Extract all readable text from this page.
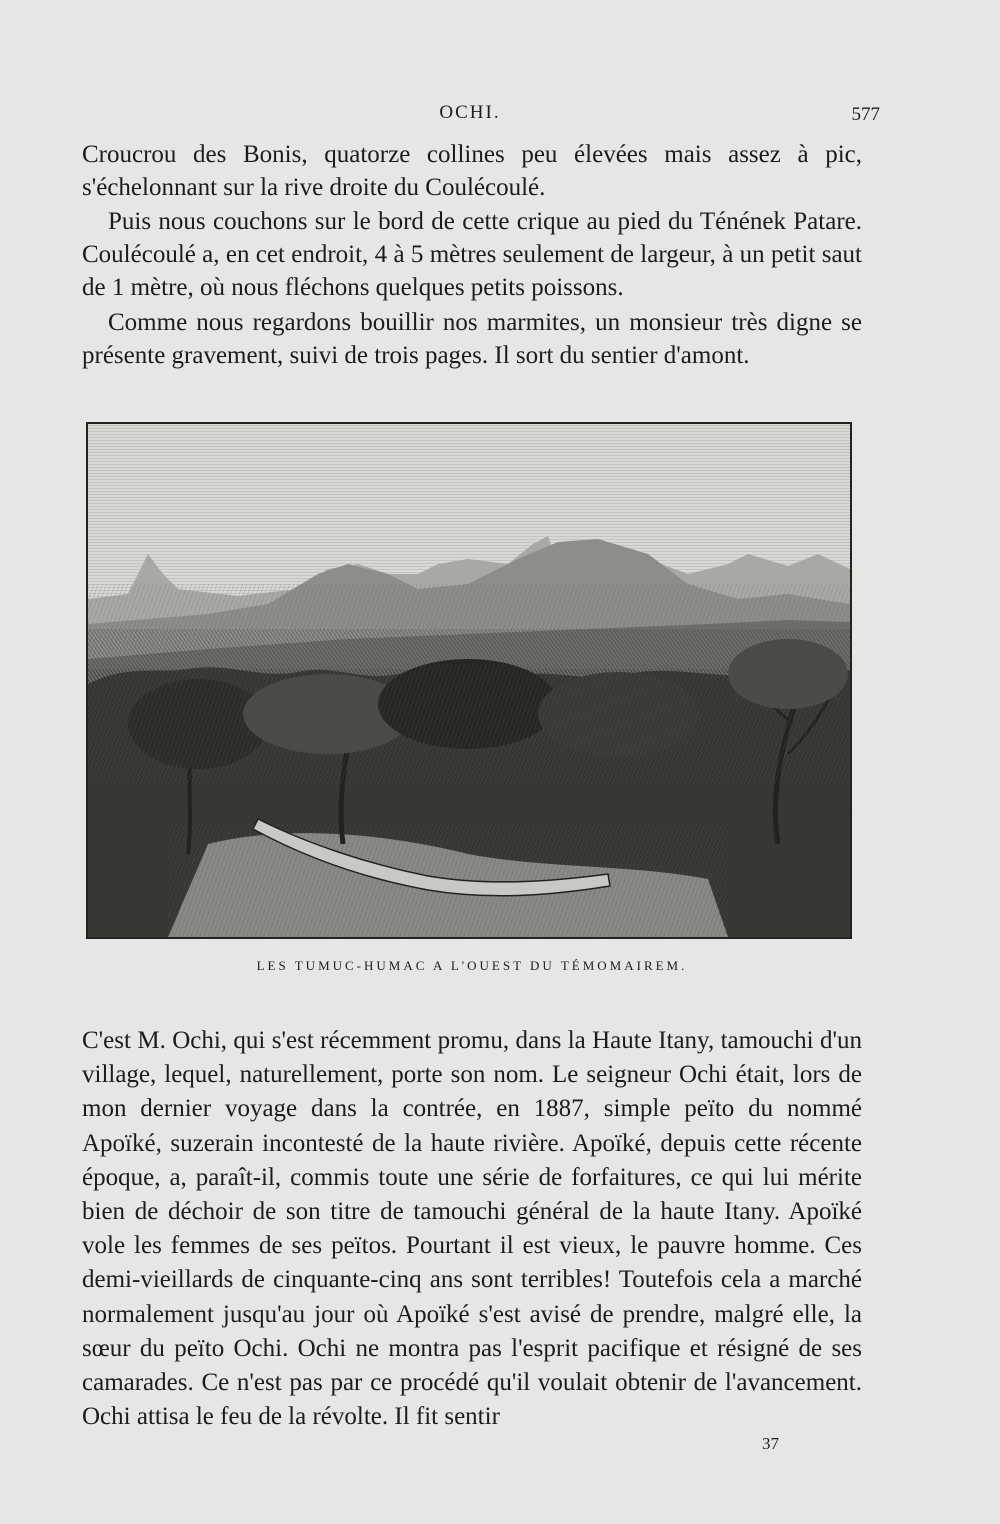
OCHI.	577

Croucrou des Bonis, quatorze collines peu élevées mais assez à pic, s'échelonnant sur la rive droite du Coulécoulé.

Puis nous couchons sur le bord de cette crique au pied du Ténének Patare. Coulécoulé a, en cet endroit, 4 à 5 mètres seulement de largeur, à un petit saut de 1 mètre, où nous fléchons quelques petits poissons.

Comme nous regardons bouillir nos marmites, un monsieur très digne se présente gravement, suivi de trois pages. Il sort du sentier d'amont.

LES TUMUC-HUMAC A L'OUEST DU TÉMOMAIREM.

C'est M. Ochi, qui s'est récemment promu, dans la Haute Itany, tamouchi d'un village, lequel, naturellement, porte son nom. Le seigneur Ochi était, lors de mon dernier voyage dans la contrée, en 1887, simple peïto du nommé Apoïké, suzerain incontesté de la haute rivière. Apoïké, depuis cette récente époque, a, paraît-il, commis toute une série de forfaitures, ce qui lui mérite bien de déchoir de son titre de tamouchi général de la haute Itany. Apoïké vole les femmes de ses peïtos. Pourtant il est vieux, le pauvre homme. Ces demi-vieillards de cinquante-cinq ans sont terribles! Toutefois cela a marché normalement jusqu'au jour où Apoïké s'est avisé de prendre, malgré elle, la sœur du peïto Ochi. Ochi ne montra pas l'esprit pacifique et résigné de ses camarades. Ce n'est pas par ce procédé qu'il voulait obtenir de l'avancement. Ochi attisa le feu de la révolte. Il fit sentir

37
